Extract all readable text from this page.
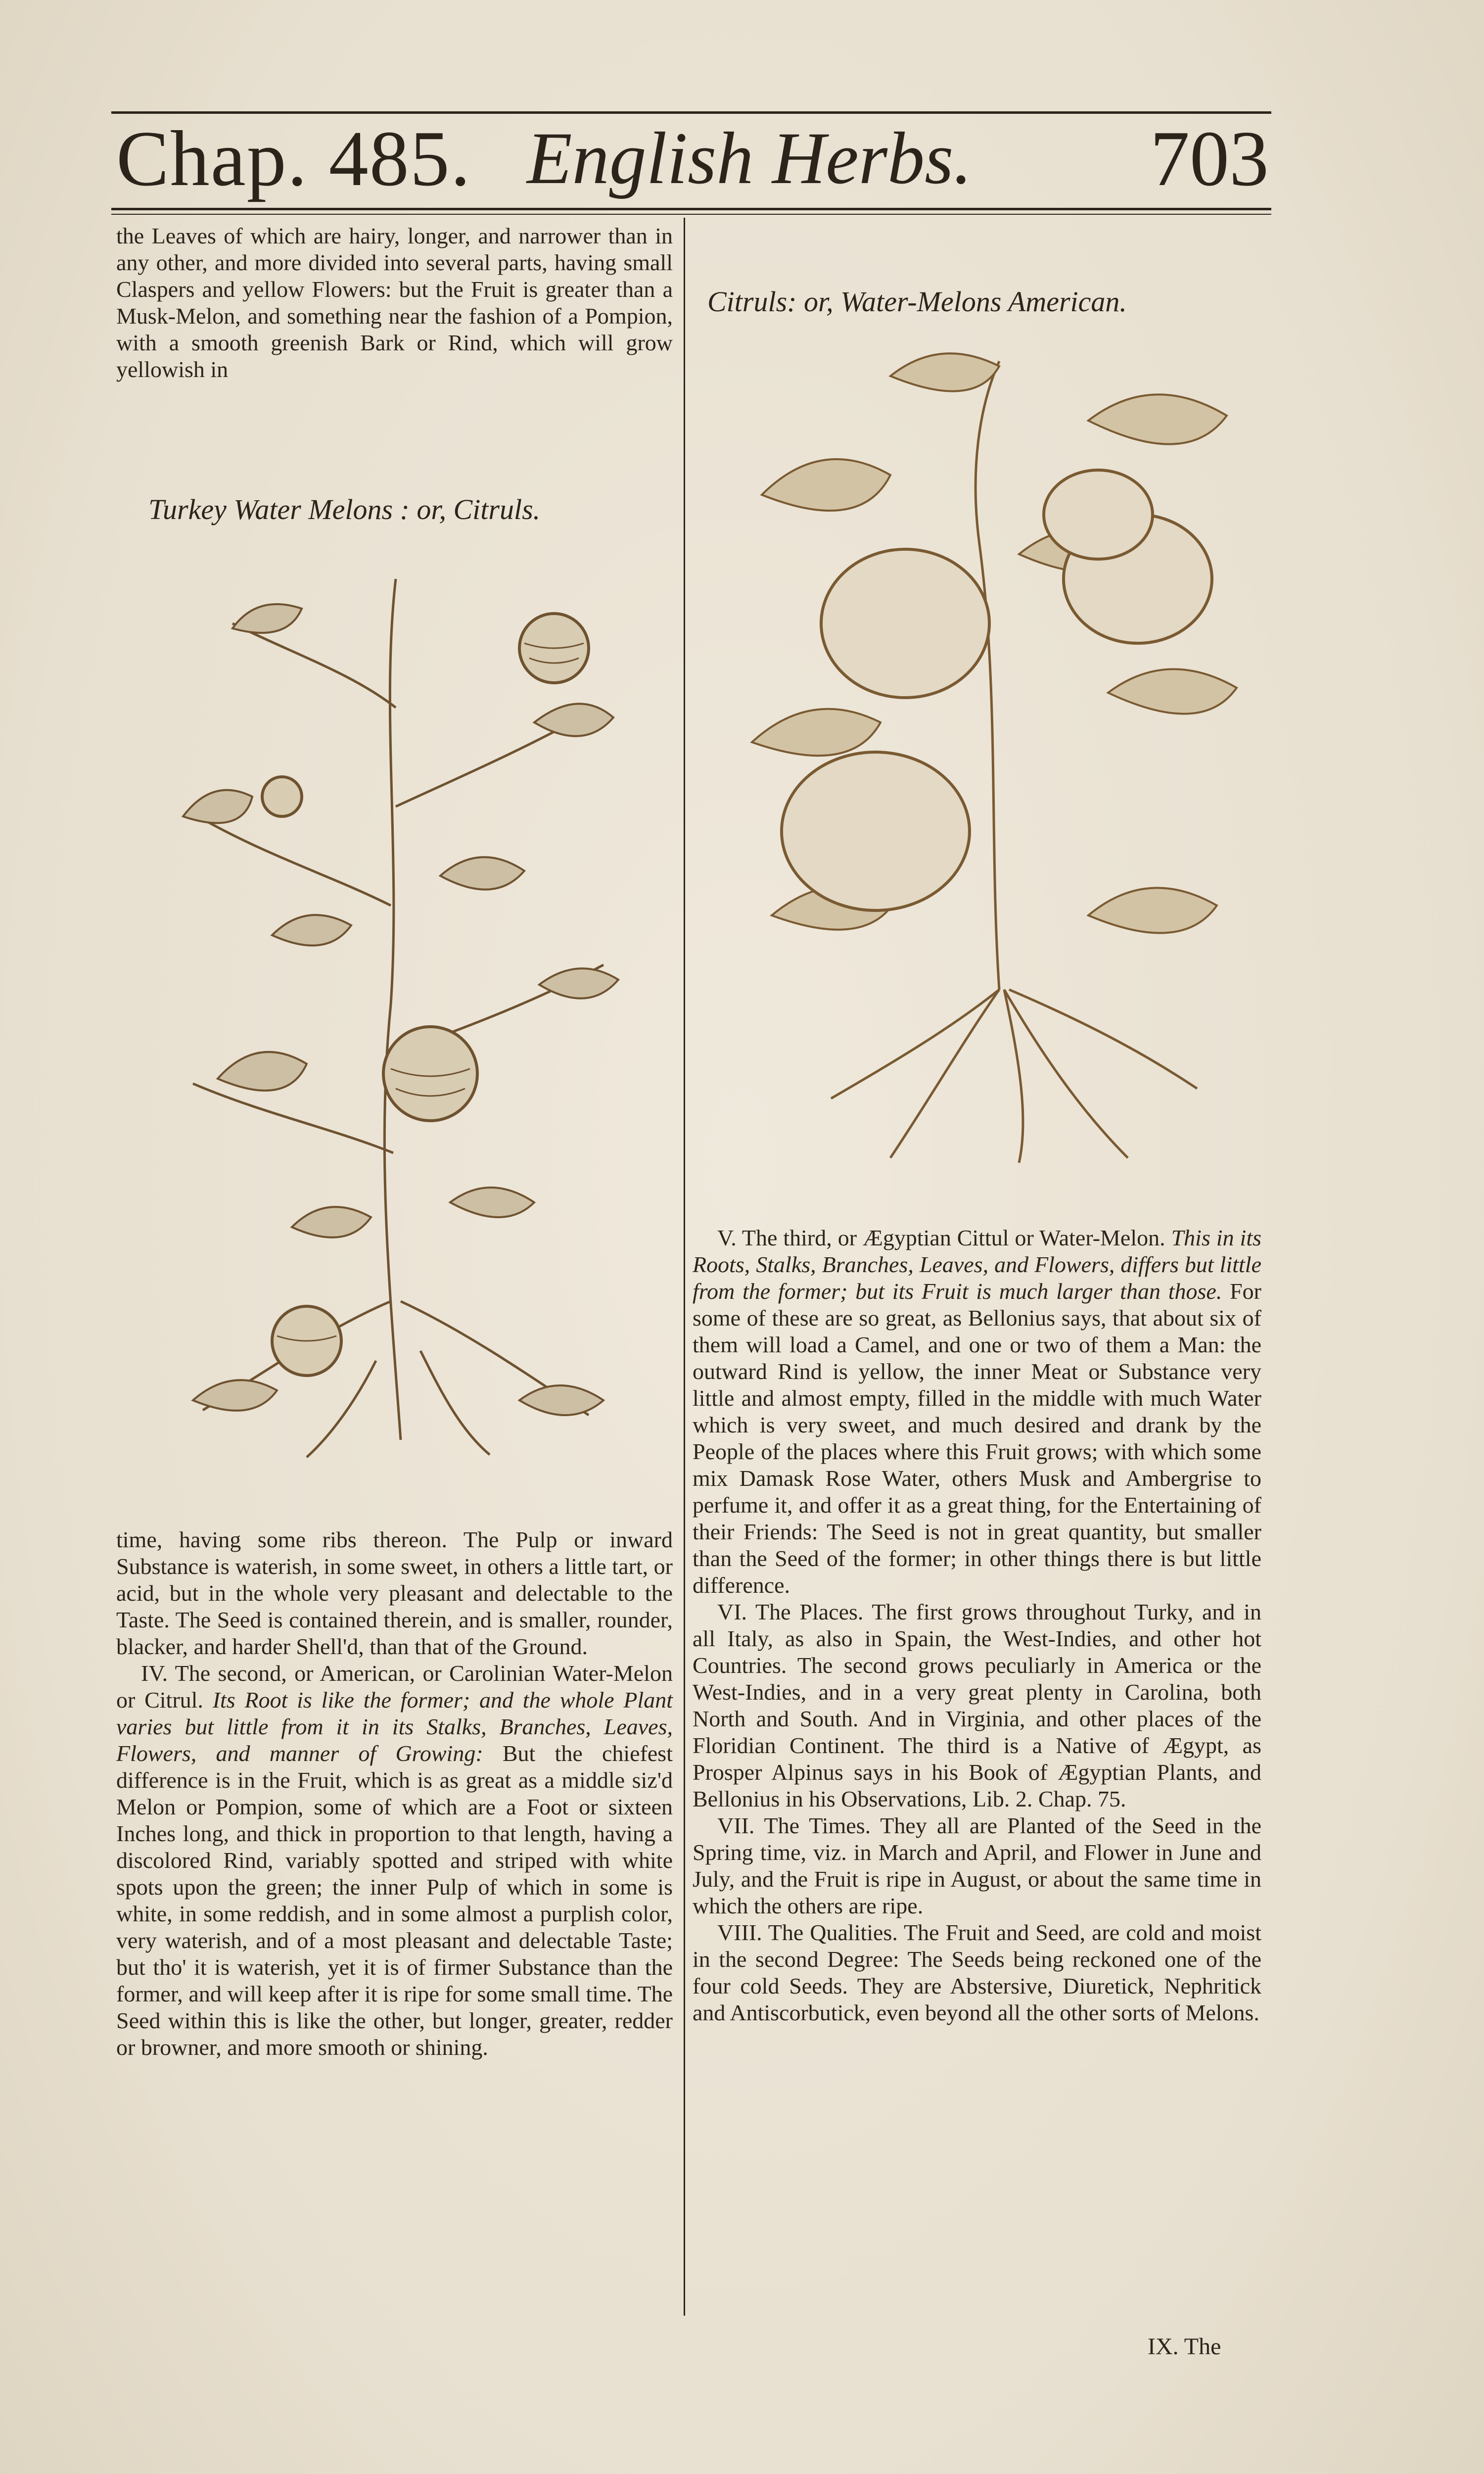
Chap. 485. English Herbs. 703

the Leaves of which are hairy, longer, and narrower than in any other, and more divided into several parts, having small Claspers and yellow Flowers: but the Fruit is greater than a Musk-Melon, and something near the fashion of a Pompion, with a smooth greenish Bark or Rind, which will grow yellowish in

Turkey Water Melons : or, Citruls.

time, having some ribs thereon. The Pulp or inward Substance is waterish, in some sweet, in others a little tart, or acid, but in the whole very pleasant and delectable to the Taste. The Seed is contained therein, and is smaller, rounder, blacker, and harder Shell'd, than that of the Ground.

IV. The second, or American, or Carolinian Water-Melon or Citrul. Its Root is like the former; and the whole Plant varies but little from it in its Stalks, Branches, Leaves, Flowers, and manner of Growing: But the chiefest difference is in the Fruit, which is as great as a middle siz'd Melon or Pompion, some of which are a Foot or sixteen Inches long, and thick in proportion to that length, having a discolored Rind, variably spotted and striped with white spots upon the green; the inner Pulp of which in some is white, in some reddish, and in some almost a purplish color, very waterish, and of a most pleasant and delectable Taste; but tho' it is waterish, yet it is of firmer Substance than the former, and will keep after it is ripe for some small time. The Seed within this is like the other, but longer, greater, redder or browner, and more smooth or shining.

Citruls: or, Water-Melons American.

V. The third, or Ægyptian Cittul or Water-Melon. This in its Roots, Stalks, Branches, Leaves, and Flowers, differs but little from the former; but its Fruit is much larger than those. For some of these are so great, as Bellonius says, that about six of them will load a Camel, and one or two of them a Man: the outward Rind is yellow, the inner Meat or Substance very little and almost empty, filled in the middle with much Water which is very sweet, and much desired and drank by the People of the places where this Fruit grows; with which some mix Damask Rose Water, others Musk and Ambergrise to perfume it, and offer it as a great thing, for the Entertaining of their Friends: The Seed is not in great quantity, but smaller than the Seed of the former; in other things there is but little difference.

VI. The Places. The first grows throughout Turky, and in all Italy, as also in Spain, the West-Indies, and other hot Countries. The second grows peculiarly in America or the West-Indies, and in a very great plenty in Carolina, both North and South. And in Virginia, and other places of the Floridian Continent. The third is a Native of Ægypt, as Prosper Alpinus says in his Book of Ægyptian Plants, and Bellonius in his Observations, Lib. 2. Chap. 75.

VII. The Times. They all are Planted of the Seed in the Spring time, viz. in March and April, and Flower in June and July, and the Fruit is ripe in August, or about the same time in which the others are ripe.

VIII. The Qualities. The Fruit and Seed, are cold and moist in the second Degree: The Seeds being reckoned one of the four cold Seeds. They are Abstersive, Diuretick, Nephritick and Antiscorbutick, even beyond all the other sorts of Melons.

IX. The
